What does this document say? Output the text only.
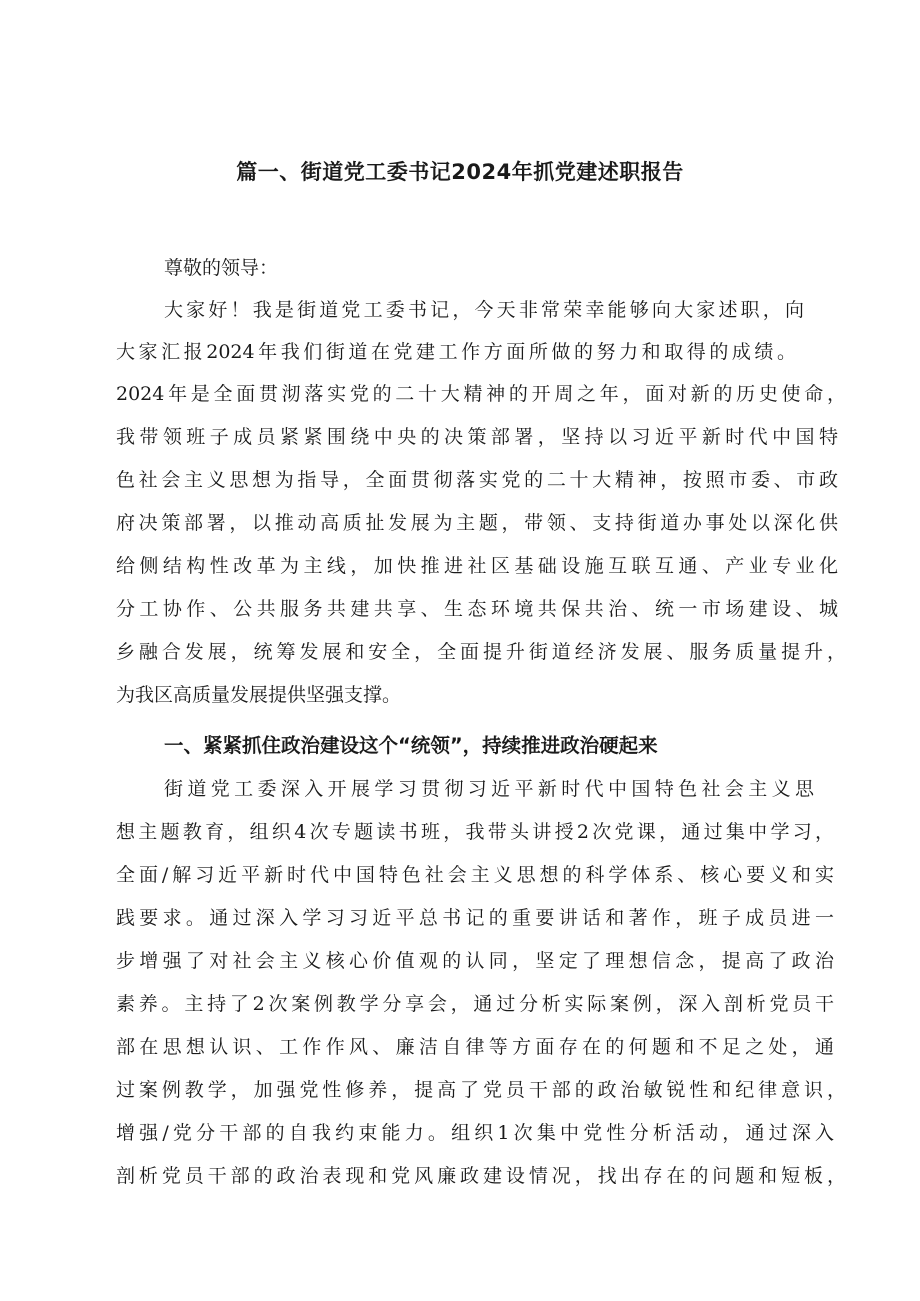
篇一、街道党工委书记2024年抓党建述职报告
尊敬的领导：
大家好！我是街道党工委书记，今天非常荣幸能够向大家述职，向
大家汇报2024年我们街道在党建工作方面所做的努力和取得的成绩。
2024年是全面贯沏落实党的二十大精神的开周之年，面对新的历史使命，
我带领班子成员紧紧围绕中央的决策部署，坚持以习近平新时代中国特
色社会主义思想为指导，全面贯彻落实党的二十大精神，按照市委、市政
府决策部署，以推动高质扯发展为主题，带领、支持街道办事处以深化供
给侧结构性改革为主线，加快推进社区基础设施互联互通、产业专业化
分工协作、公共服务共建共享、生态环境共保共治、统一市场建设、城
乡融合发展，统筹发展和安全，全面提升街道经济发展、服务质量提升，
为我区高质量发展提供坚强支撑。
一、紧紧抓住政治建设这个“统领”，持续推进政治硬起来
街道党工委深入开展学习贯彻习近平新时代中国特色社会主义思
想主题教育，组织4次专题读书班，我带头讲授2次党课，通过集中学习，
全面/解习近平新时代中国特色社会主义思想的科学体系、核心要义和实
践要求。通过深入学习习近平总书记的重要讲话和著作，班子成员进一
步增强了对社会主义核心价值观的认同，坚定了理想信念，提高了政治
素养。主持了2次案例教学分享会，通过分析实际案例，深入剖析党员干
部在思想认识、工作作风、廉洁自律等方面存在的何题和不足之处，通
过案例教学，加强党性修养，提高了党员干部的政治敏锐性和纪律意识，
增强/党分干部的自我约束能力。组织1次集中党性分析活动，通过深入
剖析党员干部的政治表现和党风廉政建设情况，找出存在的问题和短板，
